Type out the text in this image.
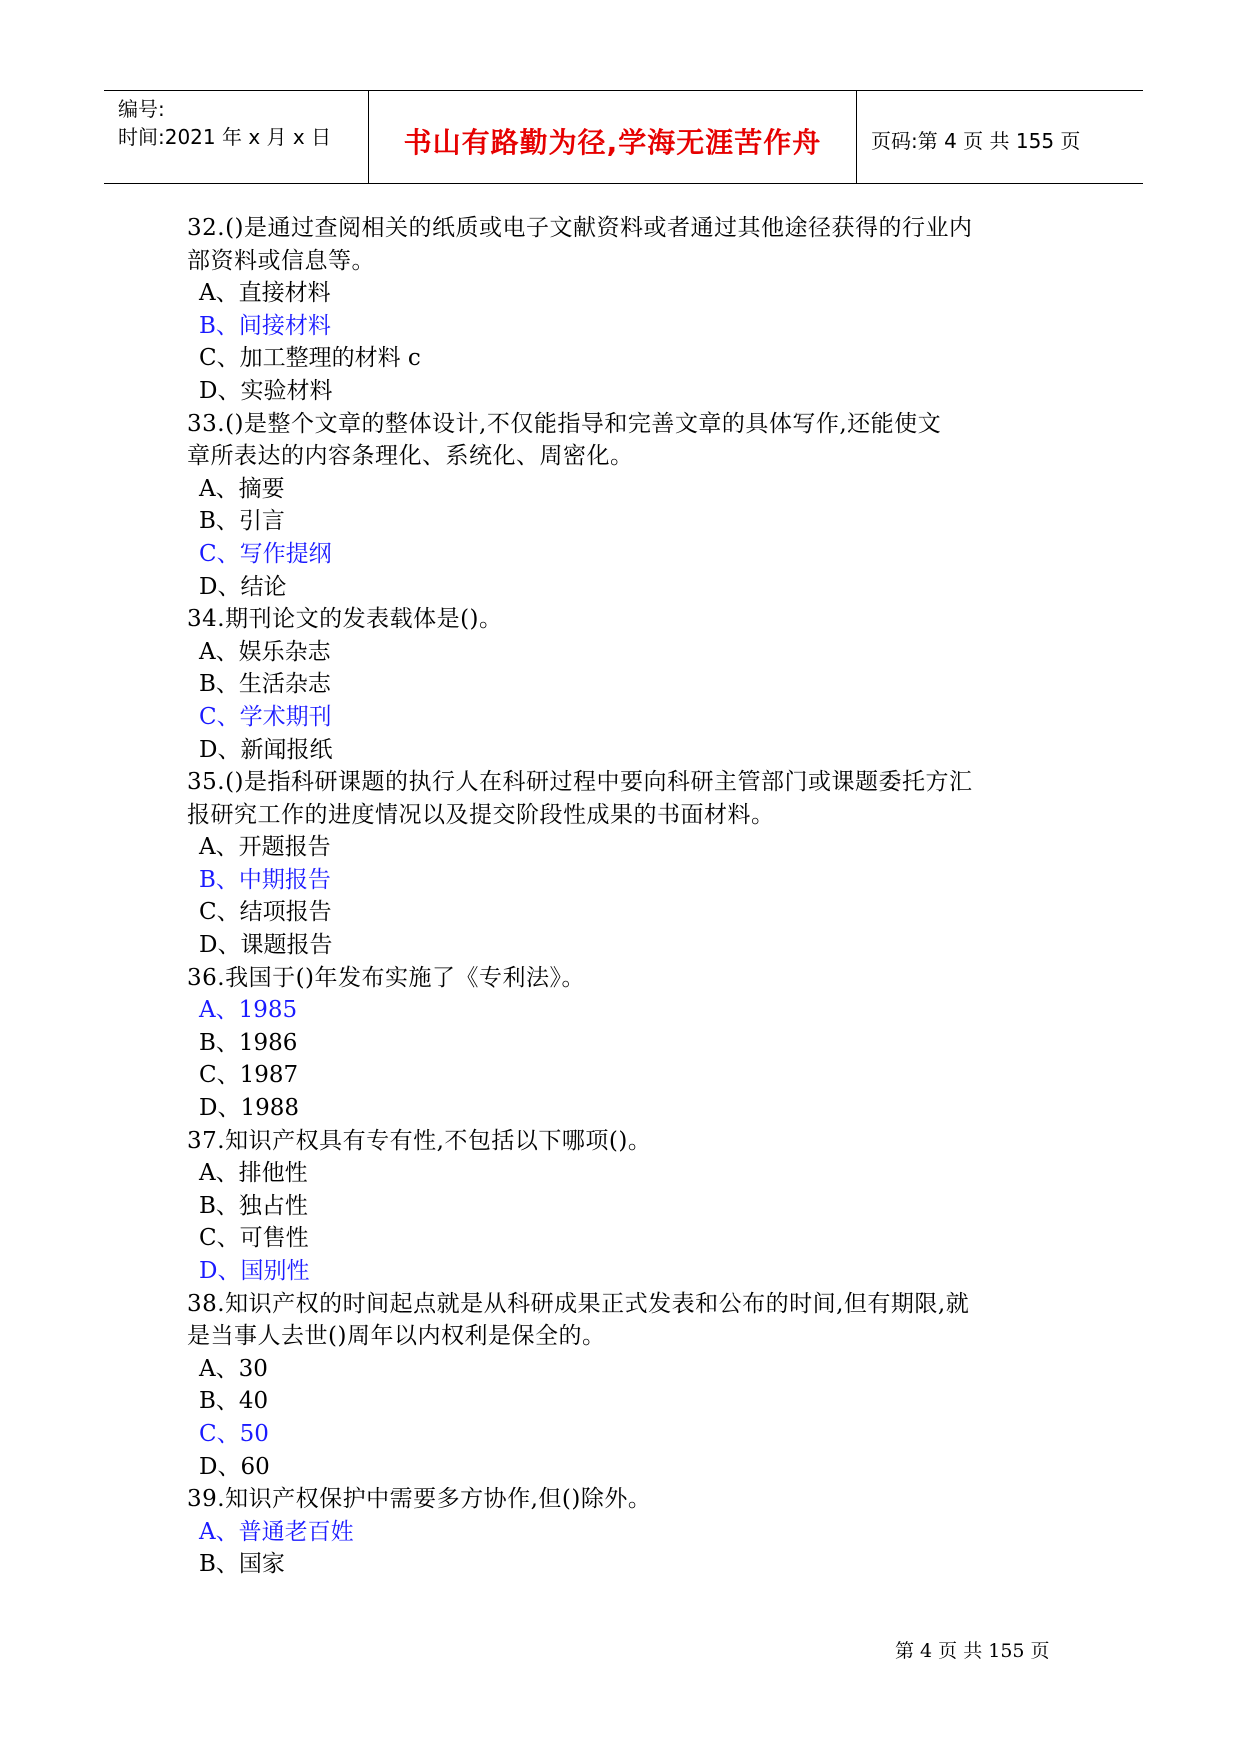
编号:
时间:2021 年 x 月 x 日	书山有路勤为径,学海无涯苦作舟	页码:第 4 页 共 155 页
32.()是通过查阅相关的纸质或电子文献资料或者通过其他途径获得的行业内
部资料或信息等。
A、直接材料
B、间接材料
C、加工整理的材料 c
D、实验材料
33.()是整个文章的整体设计,不仅能指导和完善文章的具体写作,还能使文
章所表达的内容条理化、系统化、周密化。
A、摘要
B、引言
C、写作提纲
D、结论
34.期刊论文的发表载体是()。
A、娱乐杂志
B、生活杂志
C、学术期刊
D、新闻报纸
35.()是指科研课题的执行人在科研过程中要向科研主管部门或课题委托方汇
报研究工作的进度情况以及提交阶段性成果的书面材料。
A、开题报告
B、中期报告
C、结项报告
D、课题报告
36.我国于()年发布实施了《专利法》。
A、1985
B、1986
C、1987
D、1988
37.知识产权具有专有性,不包括以下哪项()。
A、排他性
B、独占性
C、可售性
D、国别性
38.知识产权的时间起点就是从科研成果正式发表和公布的时间,但有期限,就
是当事人去世()周年以内权利是保全的。
A、30
B、40
C、50
D、60
39.知识产权保护中需要多方协作,但()除外。
A、普通老百姓
B、国家
第 4 页 共 155 页
